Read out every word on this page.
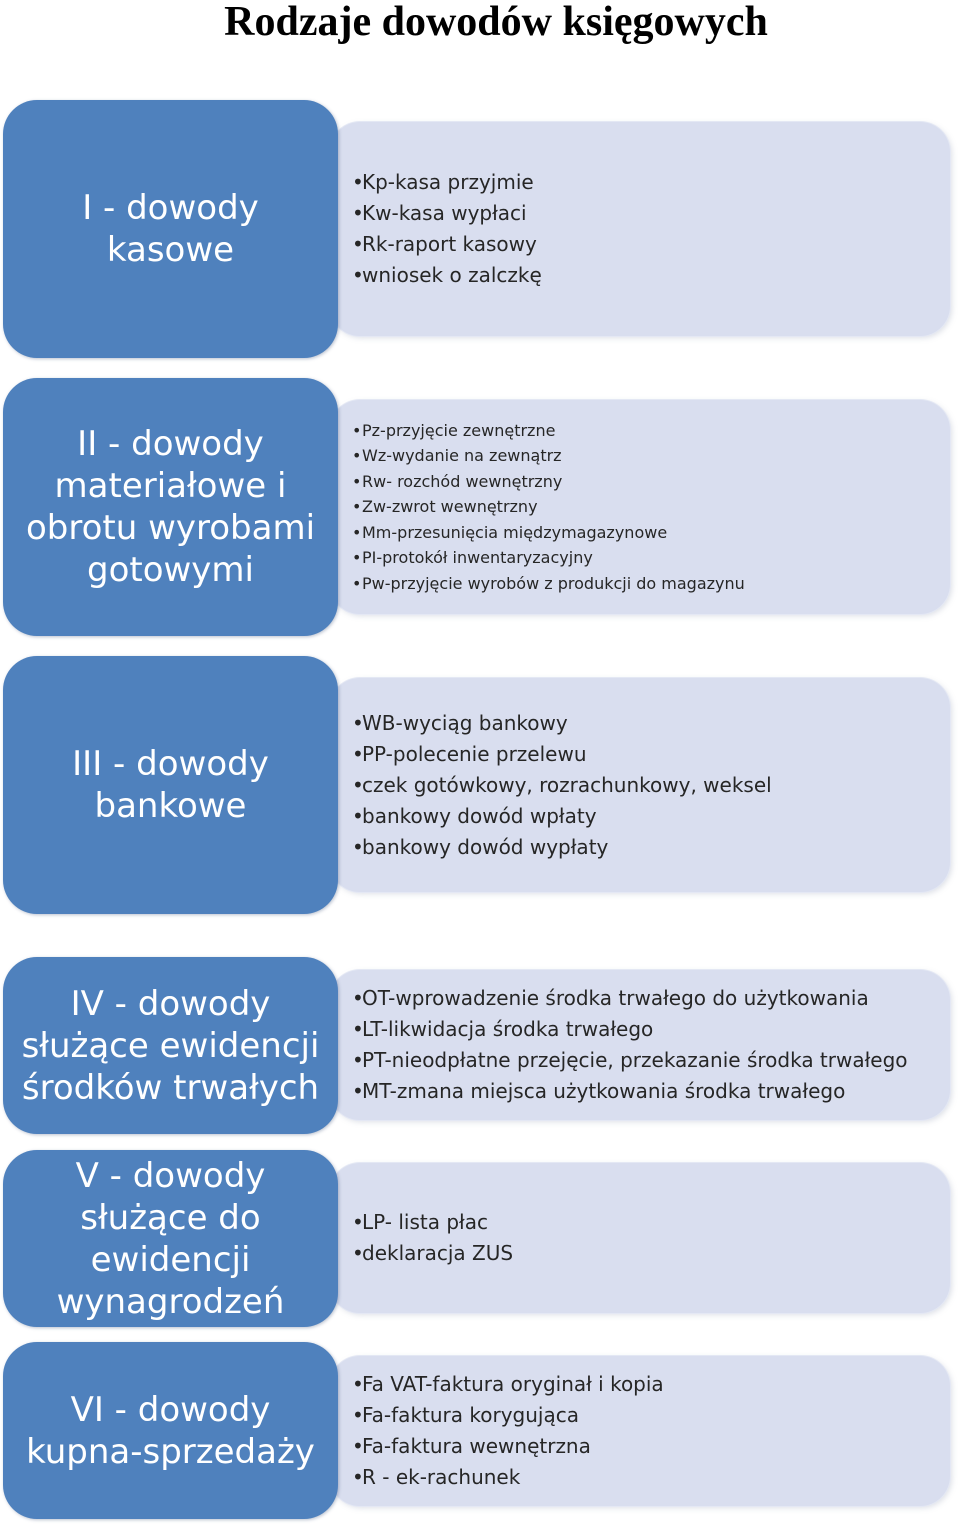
Rodzaje dowodów księgowych
• Kp-kasa przyjmie
• Kw-kasa wypłaci
• Rk-raport kasowy
• wniosek o zalczkę
I - dowody kasowe
• Pz-przyjęcie zewnętrzne
• Wz-wydanie na zewnątrz
• Rw- rozchód wewnętrzny
• Zw-zwrot wewnętrzny
• Mm-przesunięcia międzymagazynowe
• PI-protokół inwentaryzacyjny
• Pw-przyjęcie wyrobów z produkcji do magazynu
II - dowody materiałowe i obrotu wyrobami gotowymi
• WB-wyciąg bankowy
• PP-polecenie przelewu
• czek gotówkowy, rozrachunkowy, weksel
• bankowy dowód wpłaty
• bankowy dowód wypłaty
III - dowody bankowe
• OT-wprowadzenie środka trwałego do użytkowania
• LT-likwidacja środka trwałego
• PT-nieodpłatne przejęcie, przekazanie środka trwałego
• MT-zmana miejsca użytkowania środka trwałego
IV - dowody służące ewidencji środków trwałych
• LP- lista płac
• deklaracja ZUS
V - dowody służące do ewidencji wynagrodzeń
• Fa VAT-faktura oryginał i kopia
• Fa-faktura korygująca
• Fa-faktura wewnętrzna
• R - ek-rachunek
VI - dowody kupna-sprzedaży
